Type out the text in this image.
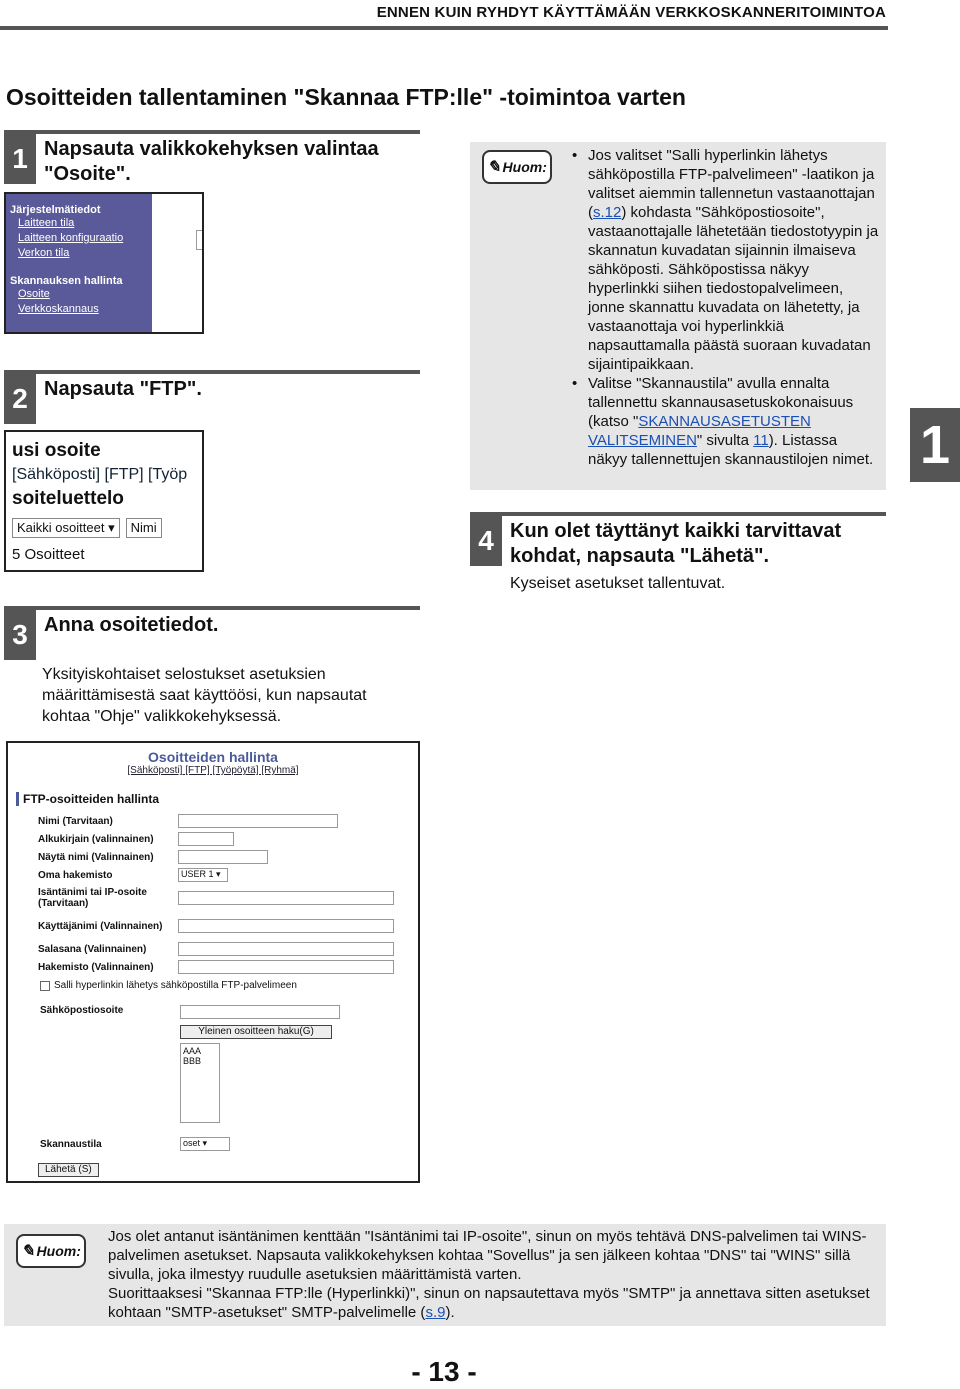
ENNEN KUIN RYHDYT KÄYTTÄMÄÄN VERKKOSKANNERITOIMINTOA
Osoitteiden tallentaminen "Skannaa FTP:lle" -toimintoa varten
1 Napsauta valikkokehyksen valintaa "Osoite".
Järjestelmätiedot
Laitteen tila
Laitteen konfiguraatio
Verkon tila
Skannauksen hallinta
Osoite
Verkkoskannaus
2 Napsauta "FTP".
usi osoite
[Sähköposti] [FTP] [Työp
soiteluettelo
Kaikki osoitteet ▾	Nimi
5 Osoitteet
✎ Huom:
• Jos valitset "Salli hyperlinkin lähetys sähköpostilla FTP-palvelimeen" -laatikon ja valitset aiemmin tallennetun vastaanottajan (s.12) kohdasta "Sähköpostiosoite", vastaanottajalle lähetetään tiedostotyypin ja skannatun kuvadatan sijainnin ilmaiseva sähköposti. Sähköpostissa näkyy hyperlinkki siihen tiedostopalvelimeen, jonne skannattu kuvadata on lähetetty, ja vastaanottaja voi hyperlinkkiä napsauttamalla päästä suoraan kuvadatan sijaintipaikkaan.
• Valitse "Skannaustila" avulla ennalta tallennettu skannausasetuskokonaisuus (katso "SKANNAUSASETUSTEN VALITSEMINEN" sivulta 11). Listassa näkyy tallennettujen skannaustilojen nimet. 1
4 Kun olet täyttänyt kaikki tarvittavat kohdat, napsauta "Lähetä".
Kyseiset asetukset tallentuvat.
3 Anna osoitetiedot.
Yksityiskohtaiset selostukset asetuksien määrittämisestä saat käyttöösi, kun napsautat kohtaa "Ohje" valikkokehyksessä.
Osoitteiden hallinta
[Sähköposti] [FTP] [Työpöytä] [Ryhmä]
FTP-osoitteiden hallinta
Nimi (Tarvitaan)
Alkukirjain (valinnainen)
Näytä nimi (Valinnainen)
Oma hakemisto	USER 1 ▾
Isäntänimi tai IP-osoite (Tarvitaan)
Käyttäjänimi (Valinnainen)
Salasana (Valinnainen)
Hakemisto (Valinnainen)
Salli hyperlinkin lähetys sähköpostilla FTP-palvelimeen
Sähköpostiosoite
Yleinen osoitteen haku(G)
AAA
BBB
Skannaustila	oset ▾
Lähetä (S)
✎ Huom:
Jos olet antanut isäntänimen kenttään "Isäntänimi tai IP-osoite", sinun on myös tehtävä DNS-palvelimen tai WINS-palvelimen asetukset. Napsauta valikkokehyksen kohtaa "Sovellus" ja sen jälkeen kohtaa "DNS" tai "WINS" sillä sivulla, joka ilmestyy ruudulle asetuksien määrittämistä varten.
Suorittaaksesi "Skannaa FTP:lle (Hyperlinkki)", sinun on napsautettava myös "SMTP" ja annettava sitten asetukset kohtaan "SMTP-asetukset" SMTP-palvelimelle (s.9).
- 13 -
